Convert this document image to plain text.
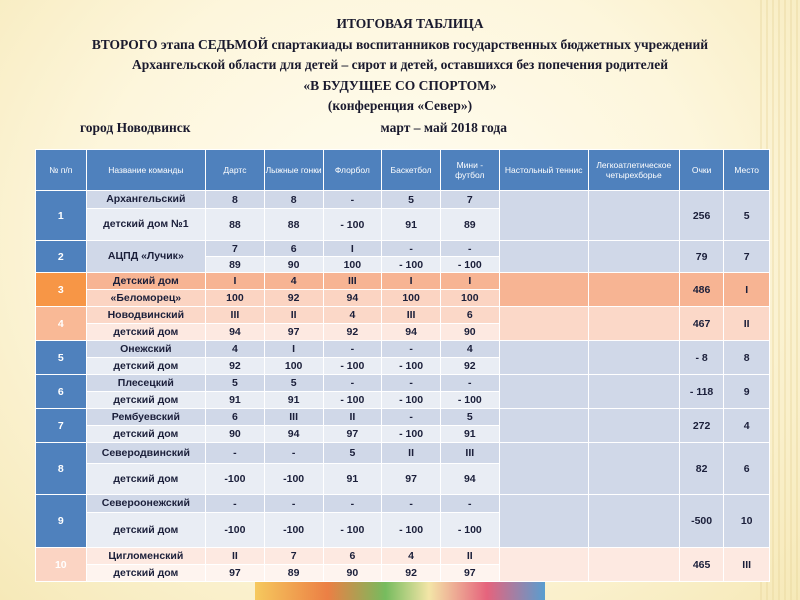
ИТОГОВАЯ ТАБЛИЦА
ВТОРОГО этапа СЕДЬМОЙ спартакиады воспитанников государственных бюджетных учреждений
Архангельской области для детей – сирот и детей, оставшихся без попечения родителей
«В БУДУЩЕЕ СО СПОРТОМ»
(конференция «Север»)
город Новодвинск	март – май 2018 года
№ п/п	Название команды	Дартс	Лыжные гонки	Флорбол	Баскетбол	Мини - футбол	Настольный теннис	Легкоатлетическое четырехборье	Очки	Место
1	Архангельский	8	8	-	5	7			256	5
	детский дом №1	88	88	- 100	91	89				
2	АЦПД «Лучик»	7	6	I	-	-			79	7
		89	90	100	- 100	- 100				
3	Детский дом	I	4	III	I	I			486	I
	«Беломорец»	100	92	94	100	100				
4	Новодвинский	III	II	4	III	6			467	II
	детский дом	94	97	92	94	90				
5	Онежский	4	I	-	-	4			- 8	8
	детский дом	92	100	- 100	- 100	92				
6	Плесецкий	5	5	-	-	-			- 118	9
	детский дом	91	91	- 100	- 100	- 100				
7	Рембуевский	6	III	II	-	5			272	4
	детский дом	90	94	97	- 100	91				
8	Северодвинский	-	-	5	II	III			82	6
	детский дом	-100	-100	91	97	94				
9	Североонежский	-	-	-	-	-			-500	10
	детский дом	-100	-100	- 100	- 100	- 100				
10	Цигломенский	II	7	6	4	II			465	III
	детский дом	97	89	90	92	97				
